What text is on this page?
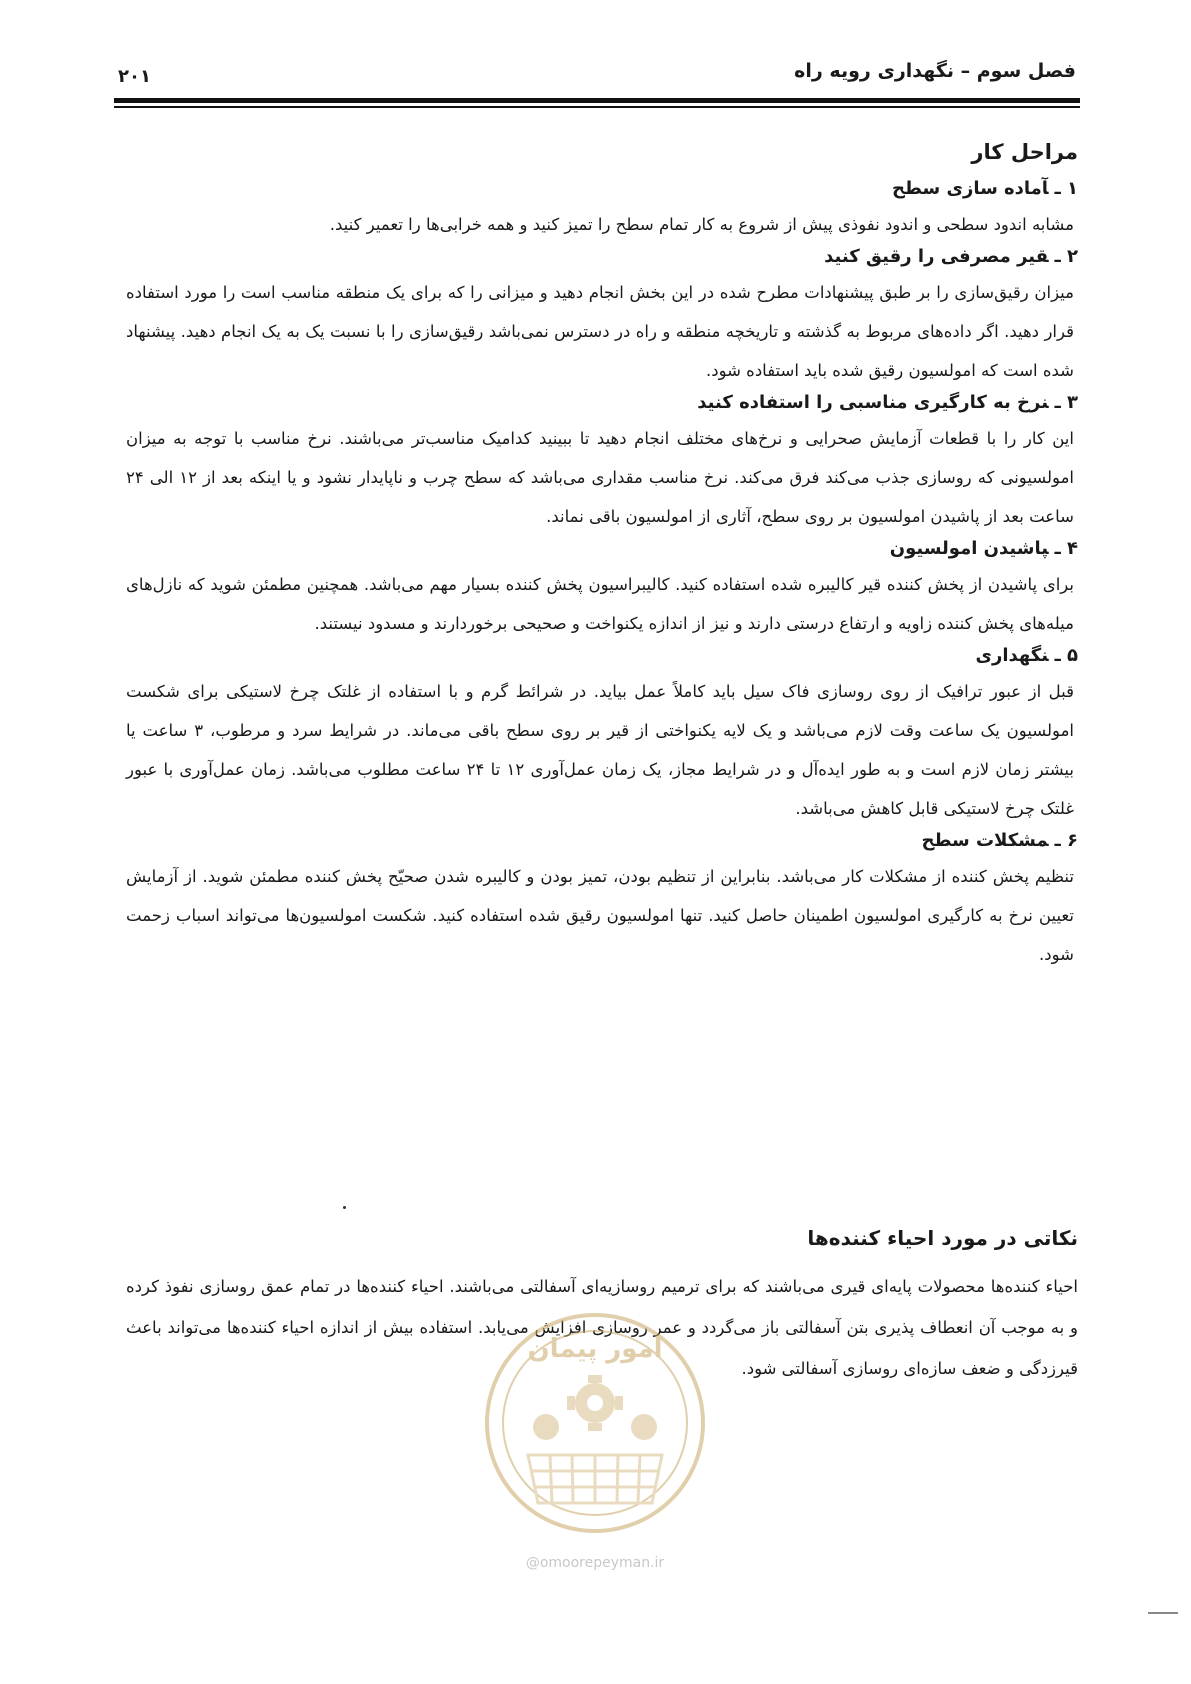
فصل سوم – نگهداری رویه راه
۲۰۱
مراحل کار
۱ ـآماده سازی سطح

مشابه اندود سطحی و اندود نفوذی پیش از شروع به کار تمام سطح را تمیز کنید و همه خرابی‌ها را تعمیر کنید.

۲ ـقیر مصرفی را رقیق کنید

میزان رقیق‌سازی را بر طبق پیشنهادات مطرح شده در این بخش انجام دهید و میزانی را که برای یک منطقه مناسب است را مورد استفاده قرار دهید. اگر داده‌های مربوط به گذشته و تاریخچه منطقه و راه در دسترس نمی‌باشد رقیق‌سازی را با نسبت یک به یک انجام دهید. پیشنهاد شده است که امولسیون رقیق شده باید استفاده شود.

۳ ـنرخ به کارگیری مناسبی را استفاده کنید

این کار را با قطعات آزمایش صحرایی و نرخ‌های مختلف انجام دهید تا ببینید کدامیک مناسب‌تر می‌باشند. نرخ مناسب با توجه به میزان امولسیونی که روسازی جذب می‌کند فرق می‌کند. نرخ مناسب مقداری می‌باشد که سطح چرب و ناپایدار نشود و یا اینکه بعد از ۱۲ الی ۲۴ ساعت بعد از پاشیدن امولسیون بر روی سطح، آثاری از امولسیون باقی نماند.

۴ ـپاشیدن امولسیون

برای پاشیدن از پخش کننده قیر کالیبره شده استفاده کنید. کالیبراسیون پخش کننده بسیار مهم می‌باشد. همچنین مطمئن شوید که نازل‌های میله‌های پخش کننده زاویه و ارتفاع درستی دارند و نیز از اندازه یکنواخت و صحیحی برخوردارند و مسدود نیستند.

۵ ـنگهداری

قبل از عبور ترافیک از روی روسازی فاک سیل باید کاملاً عمل بیاید. در شرائط گرم و با استفاده از غلتک چرخ لاستیکی برای شکست امولسیون یک ساعت وقت لازم می‌باشد و یک لایه یکنواختی از قیر بر روی سطح باقی می‌ماند. در شرایط سرد و مرطوب، ۳ ساعت یا بیشتر زمان لازم است و به طور ایده‌آل و در شرایط مجاز، یک زمان عمل‌آوری ۱۲ تا ۲۴ ساعت مطلوب می‌باشد. زمان عمل‌آوری با عبور غلتک چرخ لاستیکی قابل کاهش می‌باشد.

۶ ـمشکلات سطح

تنظیم پخش کننده از مشکلات کار می‌باشد. بنابراین از تنظیم بودن، تمیز بودن و کالیبره شدن صحیّح پخش کننده مطمئن شوید. از آزمایش تعیین نرخ به کارگیری امولسیون اطمینان حاصل کنید. تنها امولسیون رقیق شده استفاده کنید. شکست امولسیون‌ها می‌تواند اسباب زحمت شود.

نکاتی در مورد احیاء کننده‌ها

احیاء کننده‌ها محصولات پایه‌ای قیری می‌باشند که برای ترمیم روسازیه‌ای آسفالتی می‌باشند. احیاء کننده‌ها در تمام عمق روسازی نفوذ کرده و به موجب آن انعطاف پذیری بتن آسفالتی باز می‌گردد و عمر روسازی افزایش می‌یابد. استفاده بیش از اندازه احیاء کننده‌ها می‌تواند باعث قیرزدگی و ضعف سازه‌ای روسازی آسفالتی شود.

امور پیمان
@omoorepeyman.ir
